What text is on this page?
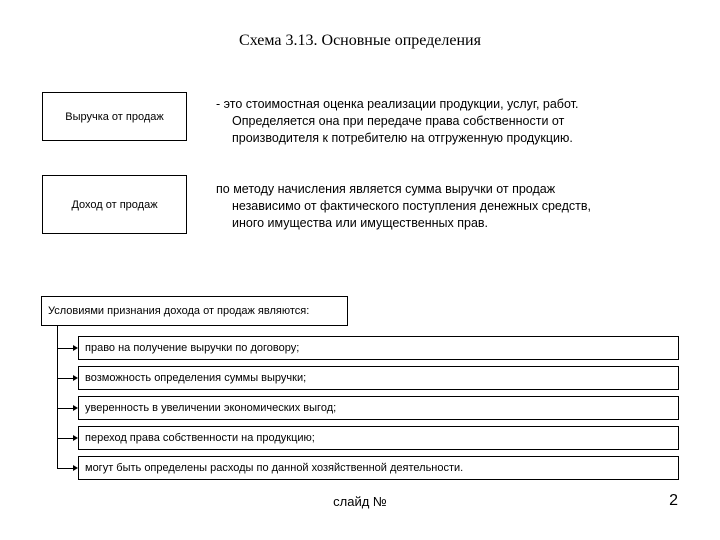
Схема 3.13. Основные определения
Выручка от продаж
- это стоимостная оценка реализации продукции, услуг, работ.
Определяется она при передаче права собственности от
производителя к потребителю на отгруженную продукцию.
Доход от продаж
по методу начисления является сумма выручки от продаж
независимо от фактического поступления денежных средств,
иного имущества или имущественных прав.
Условиями признания дохода от продаж являются:
право на получение выручки по договору;
возможность определения суммы выручки;
уверенность в увеличении экономических выгод;
переход права собственности на продукцию;
могут быть определены расходы по данной хозяйственной деятельности.
слайд №	2
